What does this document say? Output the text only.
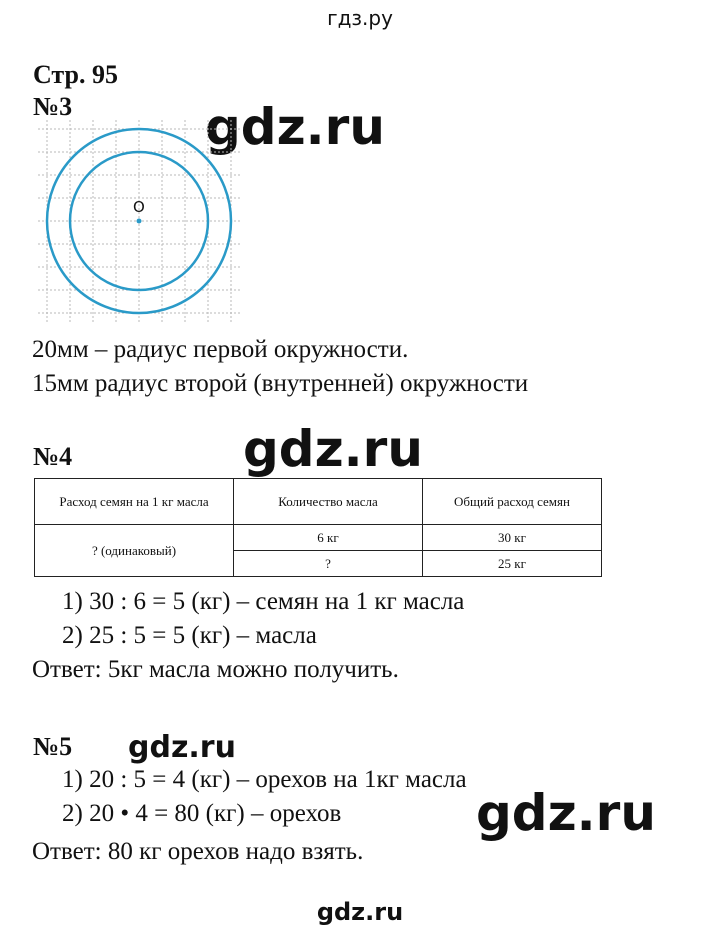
гдз.ру
Стр. 95
№3	gdz.ru
O
20мм – радиус первой окружности.
15мм радиус второй (внутренней) окружности
№4	gdz.ru
Расход семян на 1 кг масла	Количество масла	Общий расход семян
? (одинаковый)	6 кг	30 кг
	?	25 кг
1) 30 : 6 = 5 (кг) – семян на 1 кг масла
2) 25 : 5 = 5 (кг) – масла
Ответ: 5кг масла можно получить.
№5 gdz.ru
1) 20 : 5 = 4 (кг) – орехов на 1кг масла
2) 20 • 4 = 80 (кг) – орехов	gdz.ru
Ответ: 80 кг орехов надо взять.
gdz.ru
